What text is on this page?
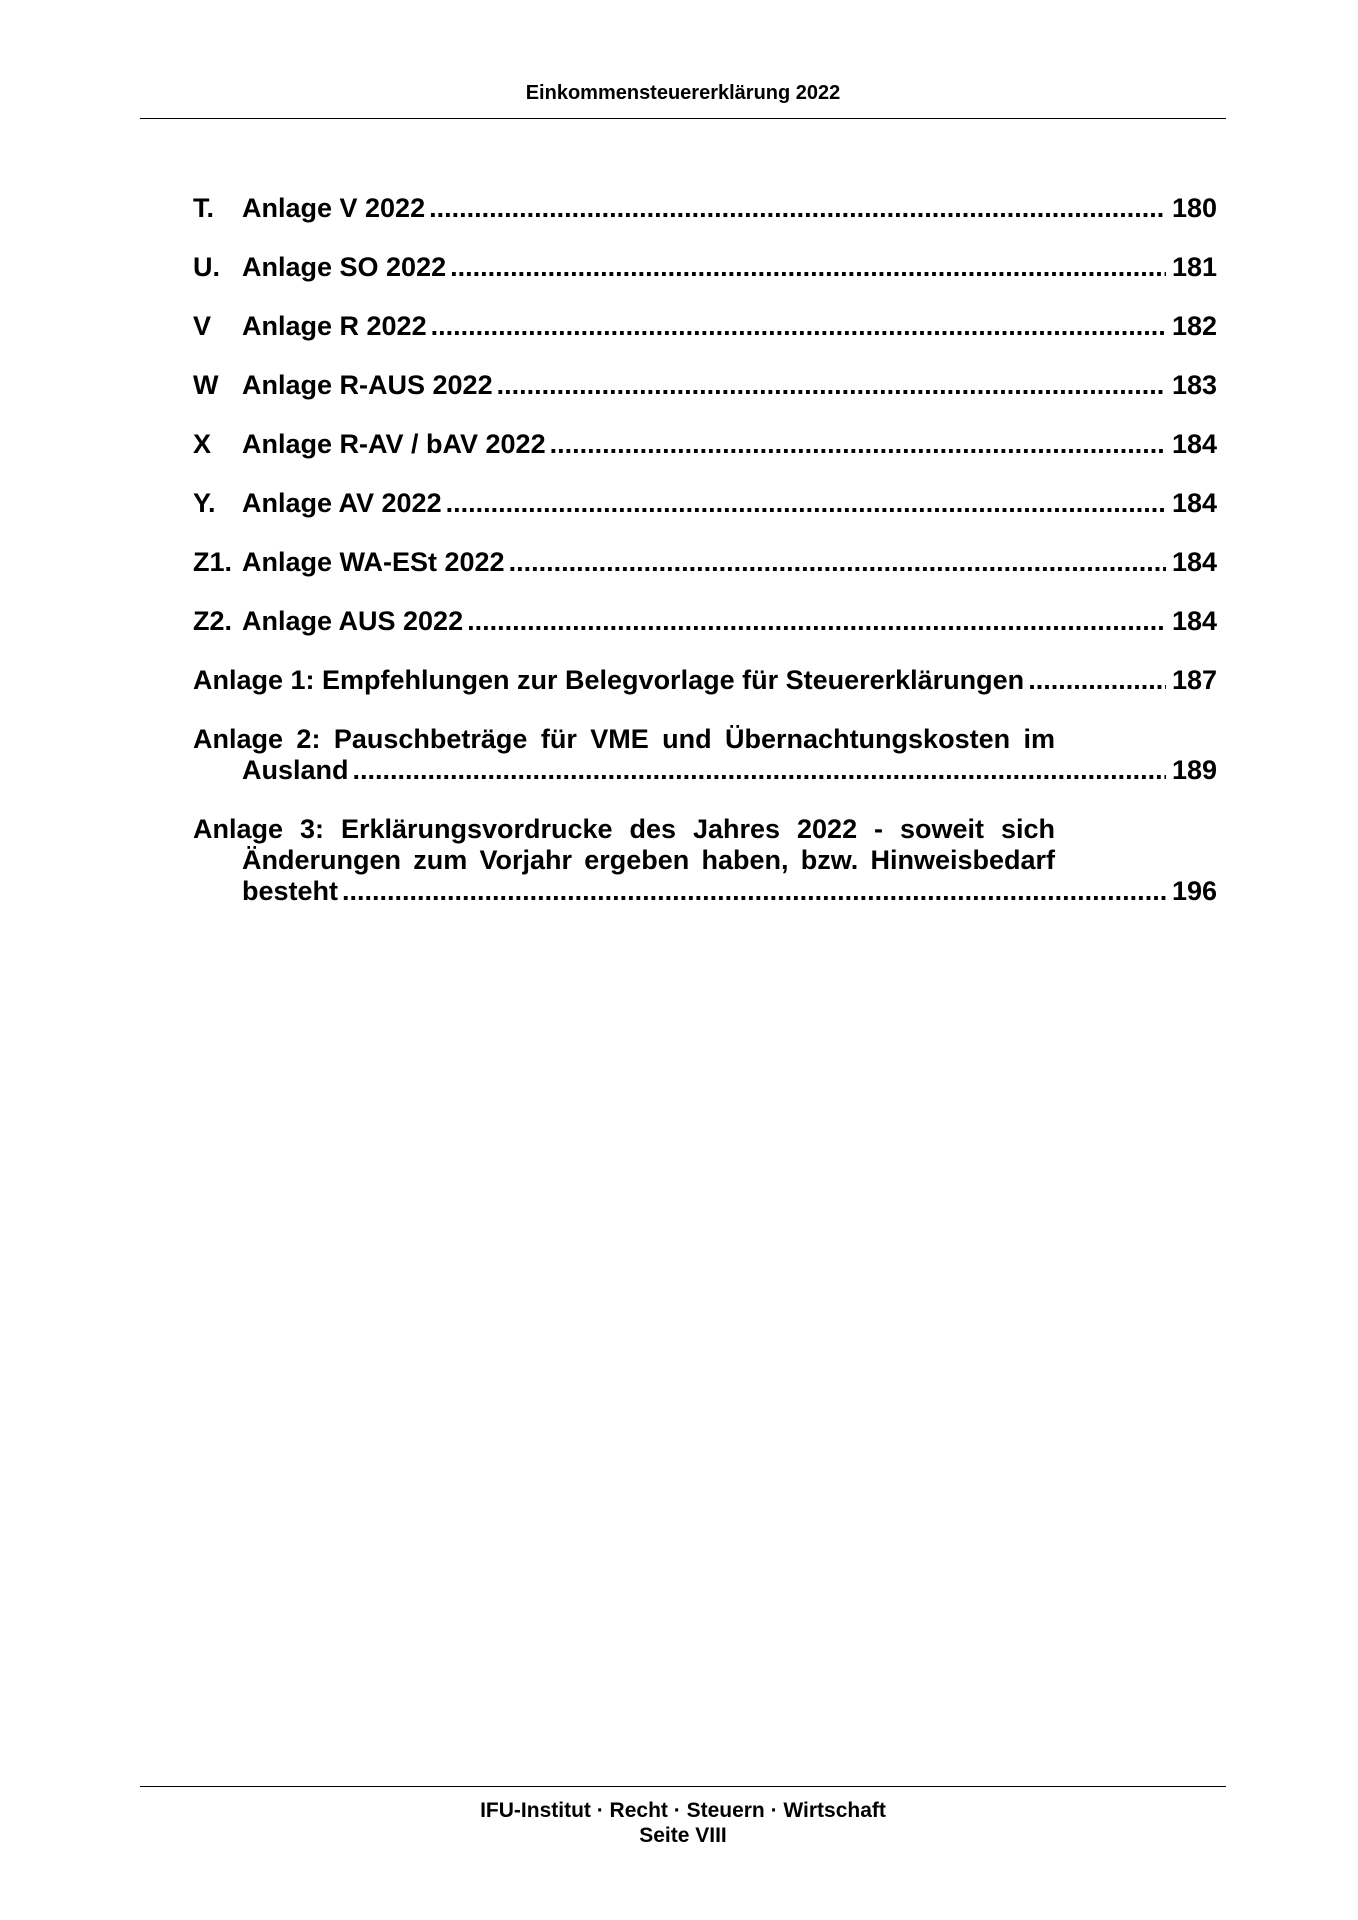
Einkommensteuererklärung 2022
T.	Anlage V 2022 .....	180
U. Anlage SO 2022 .....	181
V	Anlage R 2022 .....	182
W Anlage R-AUS 2022 .....	183
X	Anlage R-AV / bAV 2022 .....	184
Y. Anlage AV 2022 .....	184
Z1. Anlage WA-ESt 2022 .....	184
Z2. Anlage AUS 2022 .....	184
Anlage 1: Empfehlungen zur Belegvorlage für Steuererklärungen .....	187
Anlage 2: Pauschbeträge für VME und Übernachtungskosten im
Ausland .....	189
Anlage 3: Erklärungsvordrucke des Jahres 2022 - soweit sich
Änderungen zum Vorjahr ergeben haben, bzw. Hinweisbedarf
besteht .....	196
IFU-Institut · Recht · Steuern · Wirtschaft
Seite VIII
